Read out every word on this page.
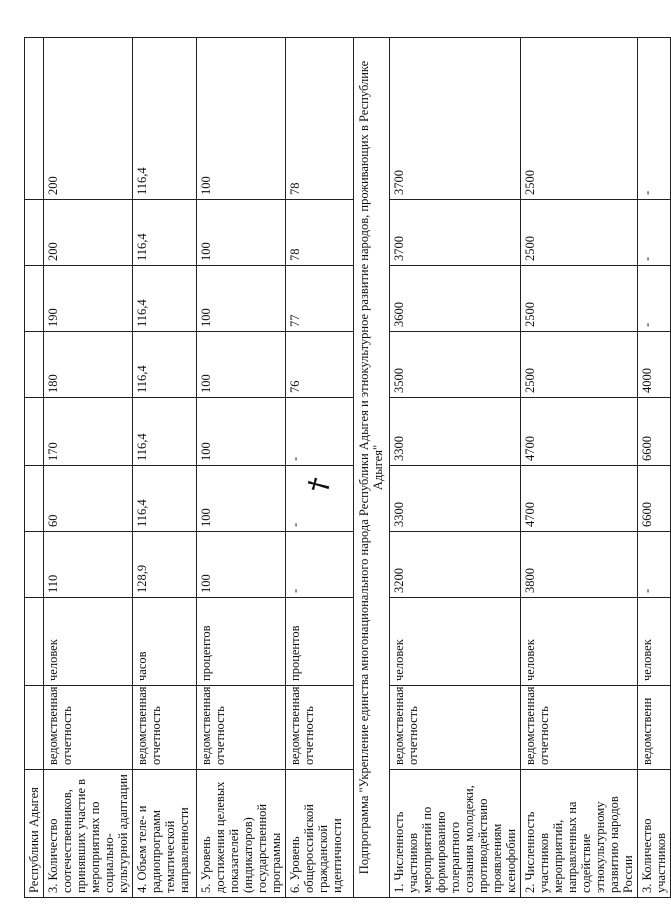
Республики Адыгея									
3. Количество соотечественников, принявших участие в мероприятиях по социально-культурной адаптации	ведомственная отчетность	человек	110	60	170	180	190	200	200
4. Объем теле- и радиопрограмм тематической направленности	ведомственная отчетность	часов	128,9	116,4	116,4	116,4	116,4	116,4	116,4
5. Уровень достижения целевых показателей (индикаторов) государственной программы	ведомственная отчетность	процентов	100	100	100	100	100	100	100
6. Уровень общероссийской гражданской идентичности	ведомственная отчетность	процентов	-	-	-	76	77	78	78
Подпрограмма "Укрепление единства многонационального народа Республики Адыгея и этнокультурное развитие народов, проживающих в Республике Адыгея"									
1. Численность участников мероприятий по формированию толерантного сознания молодежи, противодействию проявлениям ксенофобии	ведомственная отчетность	человек	3200	3300	3300	3500	3600	3700	3700
2. Численность участников мероприятий, направленных на содействие этнокультурному развитию народов России	ведомственная отчетность	человек	3800	4700	4700	2500	2500	2500	2500
3. Количество участников	ведомственн	человек	-	6600	6600	4000	-	-	-
†
